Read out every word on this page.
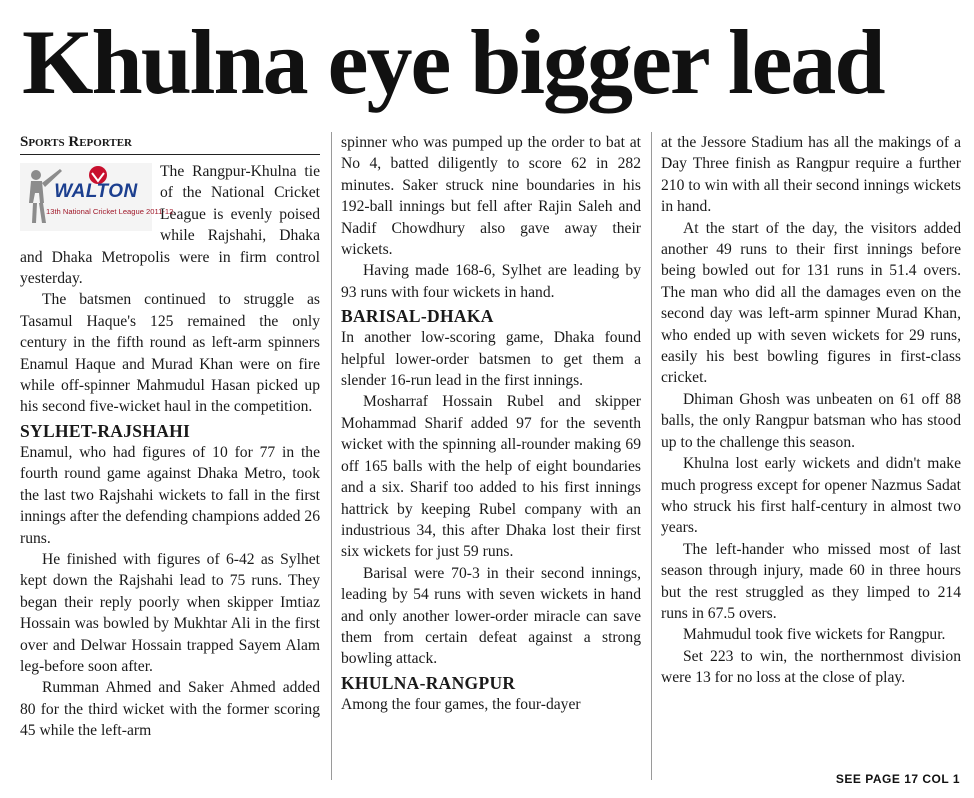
Khulna eye bigger lead
Sports Reporter
WALTON
13th National Cricket League 2011-12

The Rangpur-Khulna tie of the National Cricket League is evenly poised while Rajshahi, Dhaka and Dhaka Metropolis were in firm control yesterday.

The batsmen continued to struggle as Tasamul Haque's 125 remained the only century in the fifth round as left-arm spinners Enamul Haque and Murad Khan were on fire while off-spinner Mahmudul Hasan picked up his second five-wicket haul in the competition.

SYLHET-RAJSHAHI

Enamul, who had figures of 10 for 77 in the fourth round game against Dhaka Metro, took the last two Rajshahi wickets to fall in the first innings after the defending champions added 26 runs.

He finished with figures of 6-42 as Sylhet kept down the Rajshahi lead to 75 runs. They began their reply poorly when skipper Imtiaz Hossain was bowled by Mukhtar Ali in the first over and Delwar Hossain trapped Sayem Alam leg-before soon after.

Rumman Ahmed and Saker Ahmed added 80 for the third wicket with the former scoring 45 while the left-arm

spinner who was pumped up the order to bat at No 4, batted diligently to score 62 in 282 minutes. Saker struck nine boundaries in his 192-ball innings but fell after Rajin Saleh and Nadif Chowdhury also gave away their wickets.

Having made 168-6, Sylhet are leading by 93 runs with four wickets in hand.

BARISAL-DHAKA

In another low-scoring game, Dhaka found helpful lower-order batsmen to get them a slender 16-run lead in the first innings.

Mosharraf Hossain Rubel and skipper Mohammad Sharif added 97 for the seventh wicket with the spinning all-rounder making 69 off 165 balls with the help of eight boundaries and a six. Sharif too added to his first innings hattrick by keeping Rubel company with an industrious 34, this after Dhaka lost their first six wickets for just 59 runs.

Barisal were 70-3 in their second innings, leading by 54 runs with seven wickets in hand and only another lower-order miracle can save them from certain defeat against a strong bowling attack.

KHULNA-RANGPUR

Among the four games, the four-dayer

at the Jessore Stadium has all the makings of a Day Three finish as Rangpur require a further 210 to win with all their second innings wickets in hand.

At the start of the day, the visitors added another 49 runs to their first innings before being bowled out for 131 runs in 51.4 overs. The man who did all the damages even on the second day was left-arm spinner Murad Khan, who ended up with seven wickets for 29 runs, easily his best bowling figures in first-class cricket.

Dhiman Ghosh was unbeaten on 61 off 88 balls, the only Rangpur batsman who has stood up to the challenge this season.

Khulna lost early wickets and didn't make much progress except for opener Nazmus Sadat who struck his first half-century in almost two years.

The left-hander who missed most of last season through injury, made 60 in three hours but the rest struggled as they limped to 214 runs in 67.5 overs.

Mahmudul took five wickets for Rangpur.

Set 223 to win, the northernmost division were 13 for no loss at the close of play.

SEE PAGE 17 COL 1
